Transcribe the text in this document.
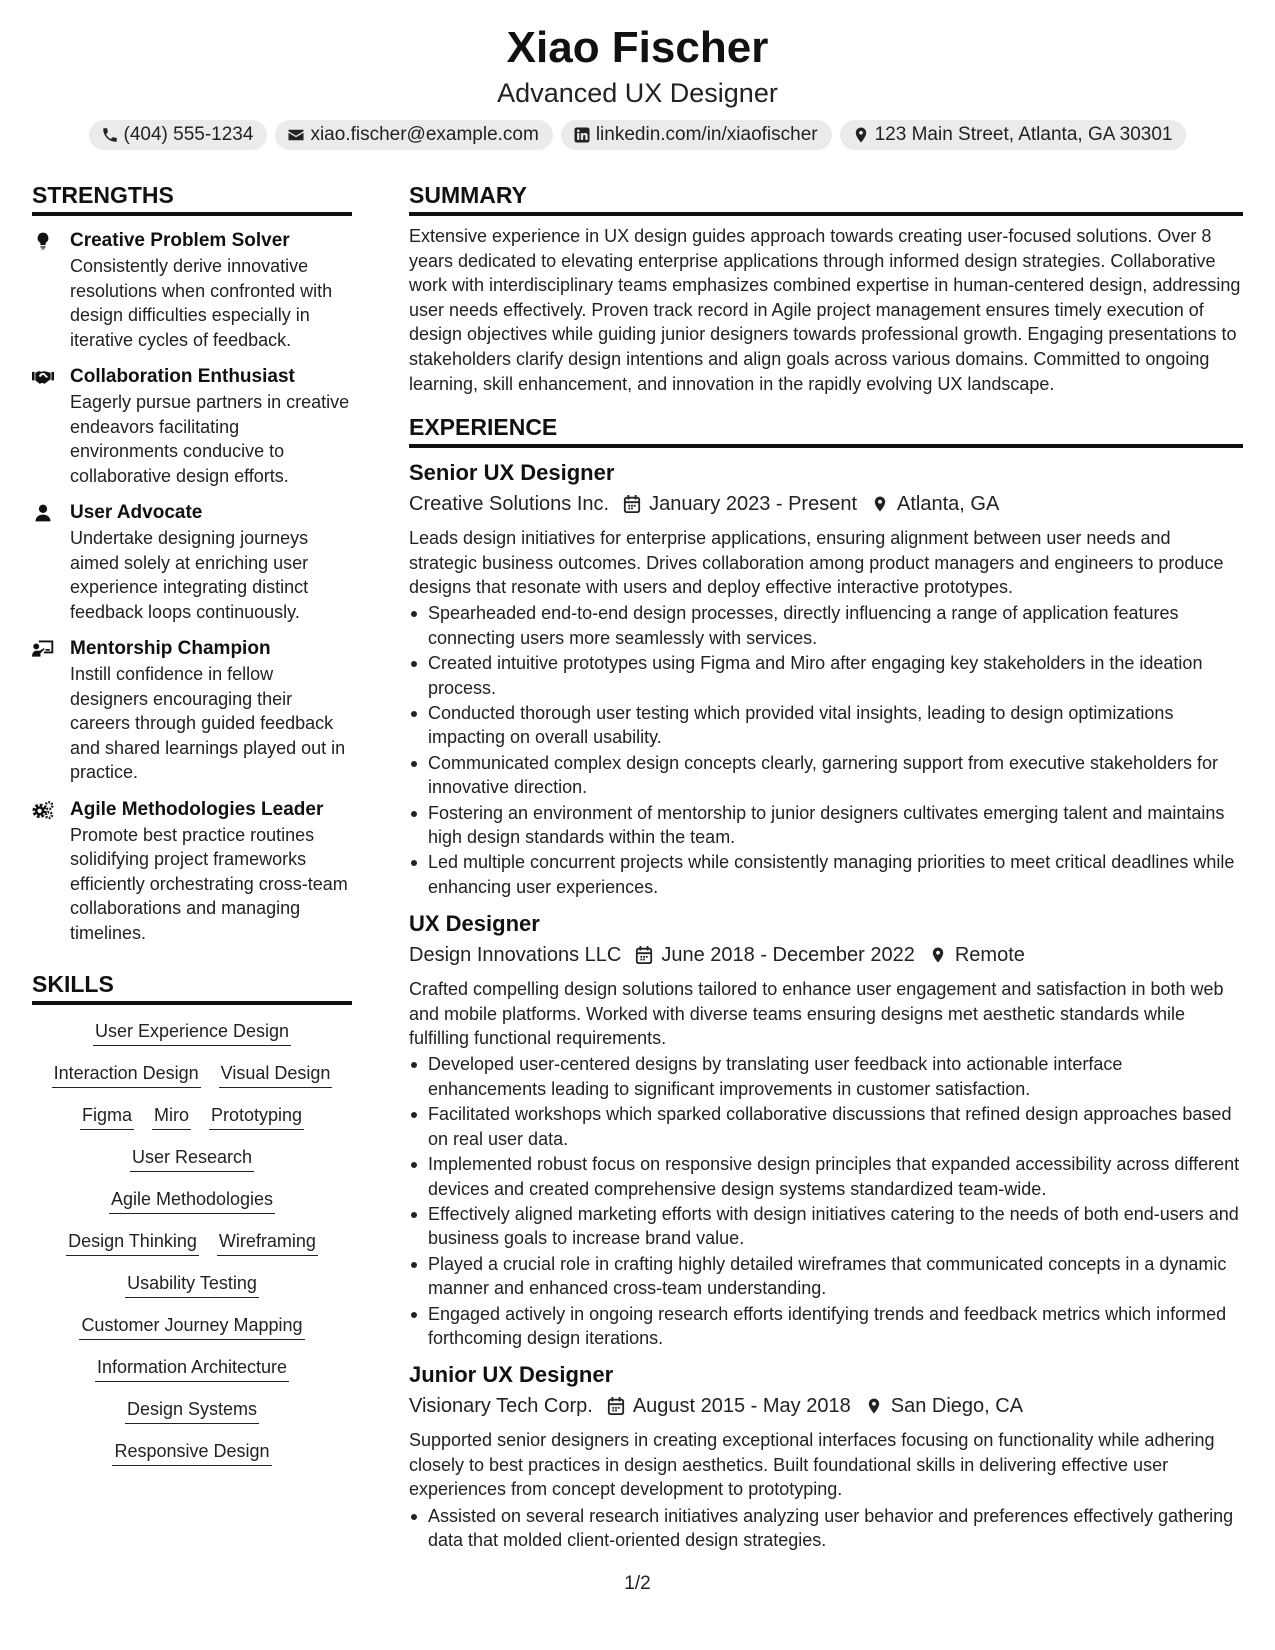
Xiao Fischer
Advanced UX Designer
(404) 555-1234	xiao.fischer@example.com	linkedin.com/in/xiaofischer	123 Main Street, Atlanta, GA 30301
STRENGTHS
Creative Problem Solver
Consistently derive innovative resolutions when confronted with design difficulties especially in iterative cycles of feedback.
Collaboration Enthusiast
Eagerly pursue partners in creative endeavors facilitating environments conducive to collaborative design efforts.
User Advocate
Undertake designing journeys aimed solely at enriching user experience integrating distinct feedback loops continuously.
Mentorship Champion
Instill confidence in fellow designers encouraging their careers through guided feedback and shared learnings played out in practice.
Agile Methodologies Leader
Promote best practice routines solidifying project frameworks efficiently orchestrating cross-team collaborations and managing timelines.
SKILLS
User Experience Design
Interaction Design Visual Design
Figma Miro Prototyping
User Research
Agile Methodologies
Design Thinking Wireframing
Usability Testing
Customer Journey Mapping
Information Architecture
Design Systems
Responsive Design
SUMMARY
Extensive experience in UX design guides approach towards creating user-focused solutions. Over 8 years dedicated to elevating enterprise applications through informed design strategies. Collaborative work with interdisciplinary teams emphasizes combined expertise in human-centered design, addressing user needs effectively. Proven track record in Agile project management ensures timely execution of design objectives while guiding junior designers towards professional growth. Engaging presentations to stakeholders clarify design intentions and align goals across various domains. Committed to ongoing learning, skill enhancement, and innovation in the rapidly evolving UX landscape.
EXPERIENCE
Senior UX Designer
Creative Solutions Inc. January 2023 - Present Atlanta, GA
Leads design initiatives for enterprise applications, ensuring alignment between user needs and strategic business outcomes. Drives collaboration among product managers and engineers to produce designs that resonate with users and deploy effective interactive prototypes.
Spearheaded end-to-end design processes, directly influencing a range of application features connecting users more seamlessly with services.
Created intuitive prototypes using Figma and Miro after engaging key stakeholders in the ideation process.
Conducted thorough user testing which provided vital insights, leading to design optimizations impacting on overall usability.
Communicated complex design concepts clearly, garnering support from executive stakeholders for innovative direction.
Fostering an environment of mentorship to junior designers cultivates emerging talent and maintains high design standards within the team.
Led multiple concurrent projects while consistently managing priorities to meet critical deadlines while enhancing user experiences.
UX Designer
Design Innovations LLC June 2018 - December 2022 Remote
Crafted compelling design solutions tailored to enhance user engagement and satisfaction in both web and mobile platforms. Worked with diverse teams ensuring designs met aesthetic standards while fulfilling functional requirements.
Developed user-centered designs by translating user feedback into actionable interface enhancements leading to significant improvements in customer satisfaction.
Facilitated workshops which sparked collaborative discussions that refined design approaches based on real user data.
Implemented robust focus on responsive design principles that expanded accessibility across different devices and created comprehensive design systems standardized team-wide.
Effectively aligned marketing efforts with design initiatives catering to the needs of both end-users and business goals to increase brand value.
Played a crucial role in crafting highly detailed wireframes that communicated concepts in a dynamic manner and enhanced cross-team understanding.
Engaged actively in ongoing research efforts identifying trends and feedback metrics which informed forthcoming design iterations.
Junior UX Designer
Visionary Tech Corp. August 2015 - May 2018 San Diego, CA
Supported senior designers in creating exceptional interfaces focusing on functionality while adhering closely to best practices in design aesthetics. Built foundational skills in delivering effective user experiences from concept development to prototyping.
Assisted on several research initiatives analyzing user behavior and preferences effectively gathering data that molded client-oriented design strategies.
1/2
